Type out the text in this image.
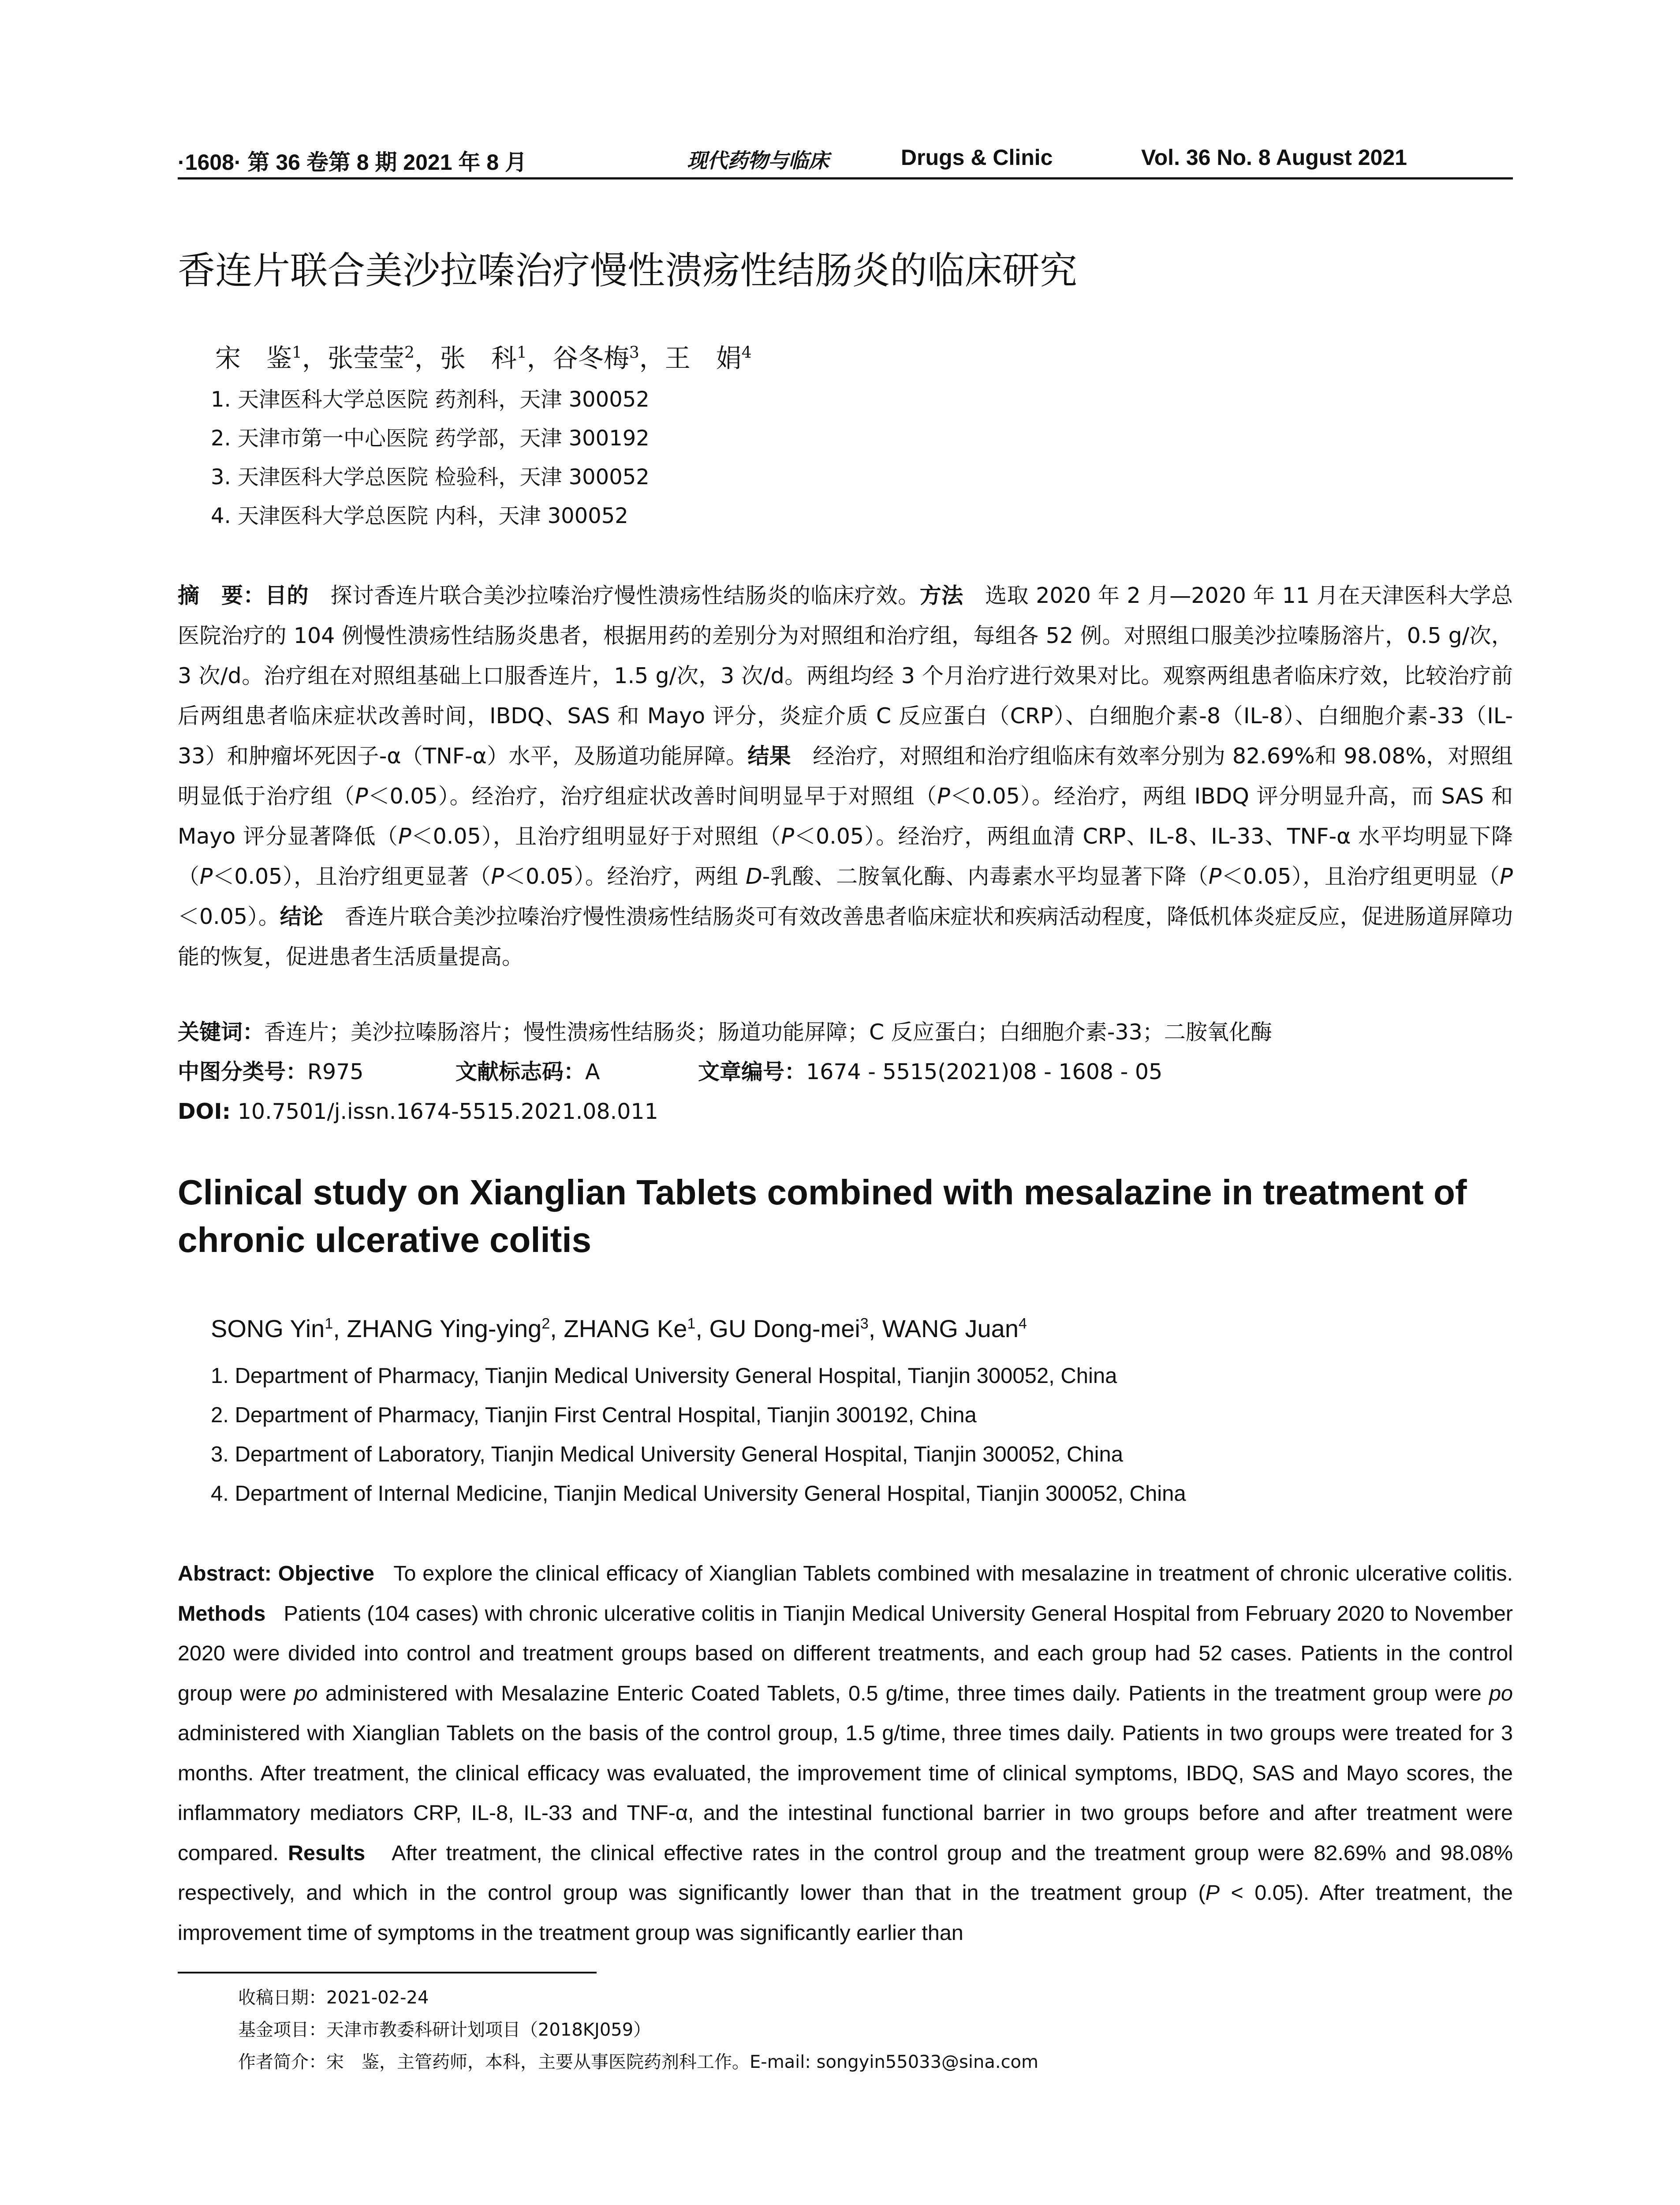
·1608· 第 36 卷第 8 期 2021 年 8 月	现代药物与临床	Drugs & Clinic	Vol. 36 No. 8 August 2021
香连片联合美沙拉嗪治疗慢性溃疡性结肠炎的临床研究
宋　鉴$^1$，张莹莹$^2$，张　科$^1$，谷冬梅$^3$，王　娟$^4$
1. 天津医科大学总医院 药剂科，天津 300052
2. 天津市第一中心医院 药学部，天津 300192
3. 天津医科大学总医院 检验科，天津 300052
4. 天津医科大学总医院 内科，天津 300052
摘　要：目的　 探讨香连片联合美沙拉嗪治疗慢性溃疡性结肠炎的临床疗效。方法　 选取 2020 年 2 月—2020 年 11 月在天津医科大学总医院治疗的 104 例慢性溃疡性结肠炎患者，根据用药的差别分为对照组和治疗组，每组各 52 例。对照组口服美沙拉嗪肠溶片，0.5 g/次，3 次/d。治疗组在对照组基础上口服香连片，1.5 g/次，3 次/d。两组均经 3 个月治疗进行效果对比。观察两组患者临床疗效，比较治疗前后两组患者临床症状改善时间，IBDQ、SAS 和 Mayo 评分，炎症介质 C 反应蛋白（CRP）、白细胞介素-8（IL-8）、白细胞介素-33（IL-33）和肿瘤坏死因子-α（TNF-α）水平，及肠道功能屏障。结果　 经治疗，对照组和治疗组临床有效率分别为 82.69%和 98.08%，对照组明显低于治疗组（P＜0.05）。经治疗，治疗组症状改善时间明显早于对照组（P＜0.05）。经治疗，两组 IBDQ 评分明显升高，而 SAS 和 Mayo 评分显著降低（P＜0.05），且治疗组明显好于对照组（P＜0.05）。经治疗，两组血清 CRP、IL-8、IL-33、TNF-α 水平均明显下降（P＜0.05），且治疗组更显著（P＜0.05）。经治疗，两组 D-乳酸、二胺氧化酶、内毒素水平均显著下降（P＜0.05），且治疗组更明显（P＜0.05）。结论　 香连片联合美沙拉嗪治疗慢性溃疡性结肠炎可有效改善患者临床症状和疾病活动程度，降低机体炎症反应，促进肠道屏障功能的恢复，促进患者生活质量提高。
关键词：香连片；美沙拉嗪肠溶片；慢性溃疡性结肠炎；肠道功能屏障；C 反应蛋白；白细胞介素-33；二胺氧化酶
中图分类号：R975	文献标志码：A	文章编号：1674 - 5515(2021)08 - 1608 - 05
DOI: 10.7501/j.issn.1674-5515.2021.08.011
Clinical study on Xianglian Tablets combined with mesalazine in treatment of chronic ulcerative colitis
SONG Yin$^1$, ZHANG Ying-ying$^2$, ZHANG Ke$^1$, GU Dong-mei$^3$, WANG Juan$^4$
1. Department of Pharmacy, Tianjin Medical University General Hospital, Tianjin 300052, China
2. Department of Pharmacy, Tianjin First Central Hospital, Tianjin 300192, China
3. Department of Laboratory, Tianjin Medical University General Hospital, Tianjin 300052, China
4. Department of Internal Medicine, Tianjin Medical University General Hospital, Tianjin 300052, China
Abstract: Objective To explore the clinical efficacy of Xianglian Tablets combined with mesalazine in treatment of chronic ulcerative colitis. Methods Patients (104 cases) with chronic ulcerative colitis in Tianjin Medical University General Hospital from February 2020 to November 2020 were divided into control and treatment groups based on different treatments, and each group had 52 cases. Patients in the control group were po administered with Mesalazine Enteric Coated Tablets, 0.5 g/time, three times daily. Patients in the treatment group were po administered with Xianglian Tablets on the basis of the control group, 1.5 g/time, three times daily. Patients in two groups were treated for 3 months. After treatment, the clinical efficacy was evaluated, the improvement time of clinical symptoms, IBDQ, SAS and Mayo scores, the inflammatory mediators CRP, IL-8, IL-33 and TNF-α, and the intestinal functional barrier in two groups before and after treatment were compared. Results After treatment, the clinical effective rates in the control group and the treatment group were 82.69% and 98.08% respectively, and which in the control group was significantly lower than that in the treatment group (P < 0.05). After treatment, the improvement time of symptoms in the treatment group was significantly earlier than
收稿日期：2021-02-24
基金项目：天津市教委科研计划项目（2018KJ059）
作者简介：宋　鉴，主管药师，本科，主要从事医院药剂科工作。E-mail: songyin55033@sina.com
